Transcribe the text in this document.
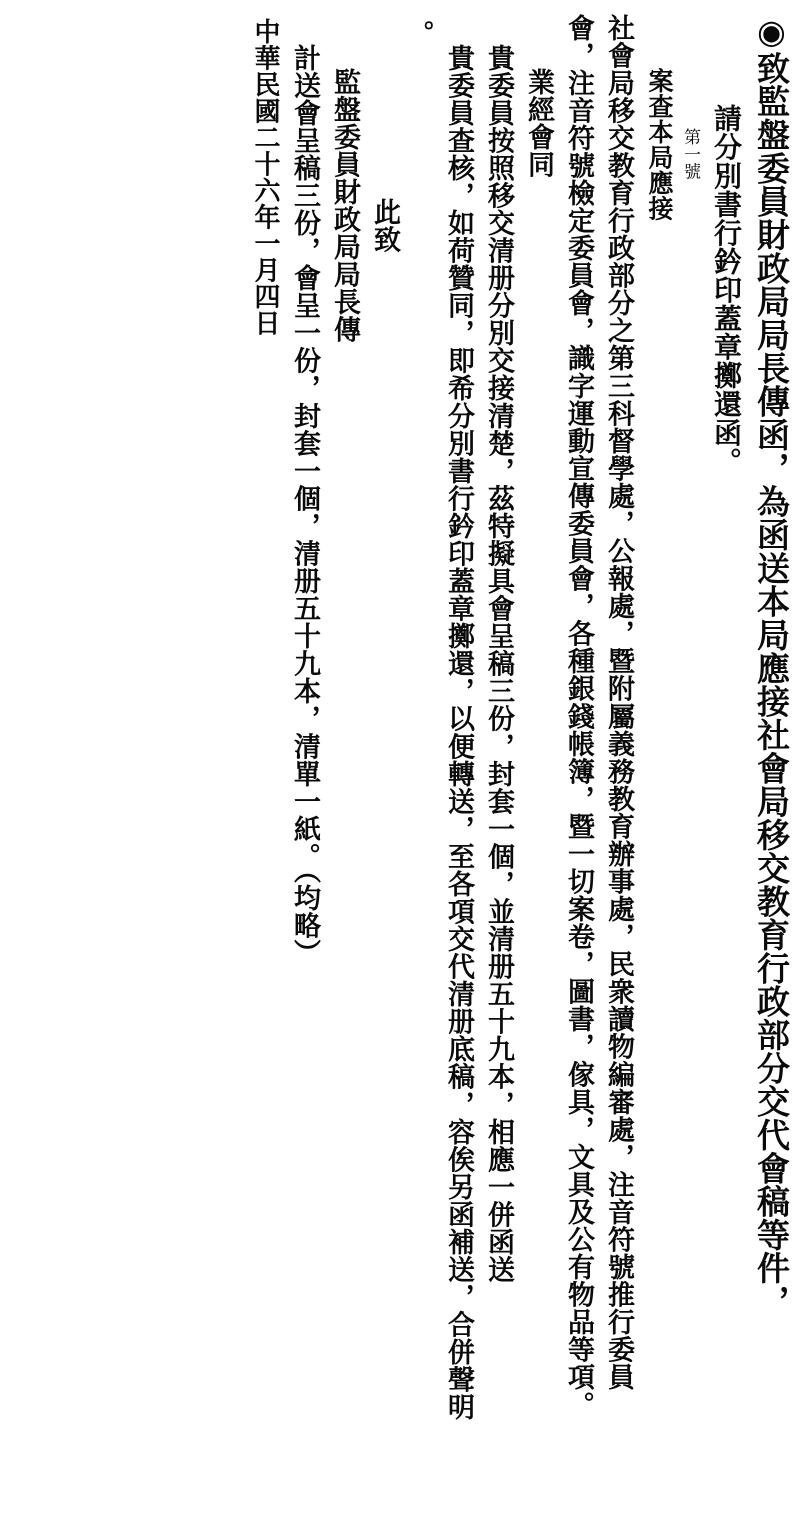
◉致監盤委員財政局局長傳函，為函送本局應接社會局移交教育行政部分交代會稿等件，
請分別書行鈐印蓋章擲還函。
第一號
案查本局應接
社會局移交教育行政部分之第三科督學處，公報處，暨附屬義務教育辦事處，民衆讀物編審處，注音符號推行委員
會，注音符號檢定委員會，識字運動宣傳委員會，各種銀錢帳簿，暨一切案卷，圖書，傢具，文具及公有物品等項。
業經會同
貴委員按照移交清册分別交接清楚，茲特擬具會呈稿三份，封套一個，並清册五十九本，相應一併函送
貴委員查核，如荷贊同，即希分別書行鈐印蓋章擲還，以便轉送，至各項交代清册底稿，容俟另函補送，合併聲明
。
此致
監盤委員財政局局長傳
計送會呈稿三份，會呈一份，封套一個，清册五十九本，清單一紙。（均略）
中華民國二十六年一月四日
